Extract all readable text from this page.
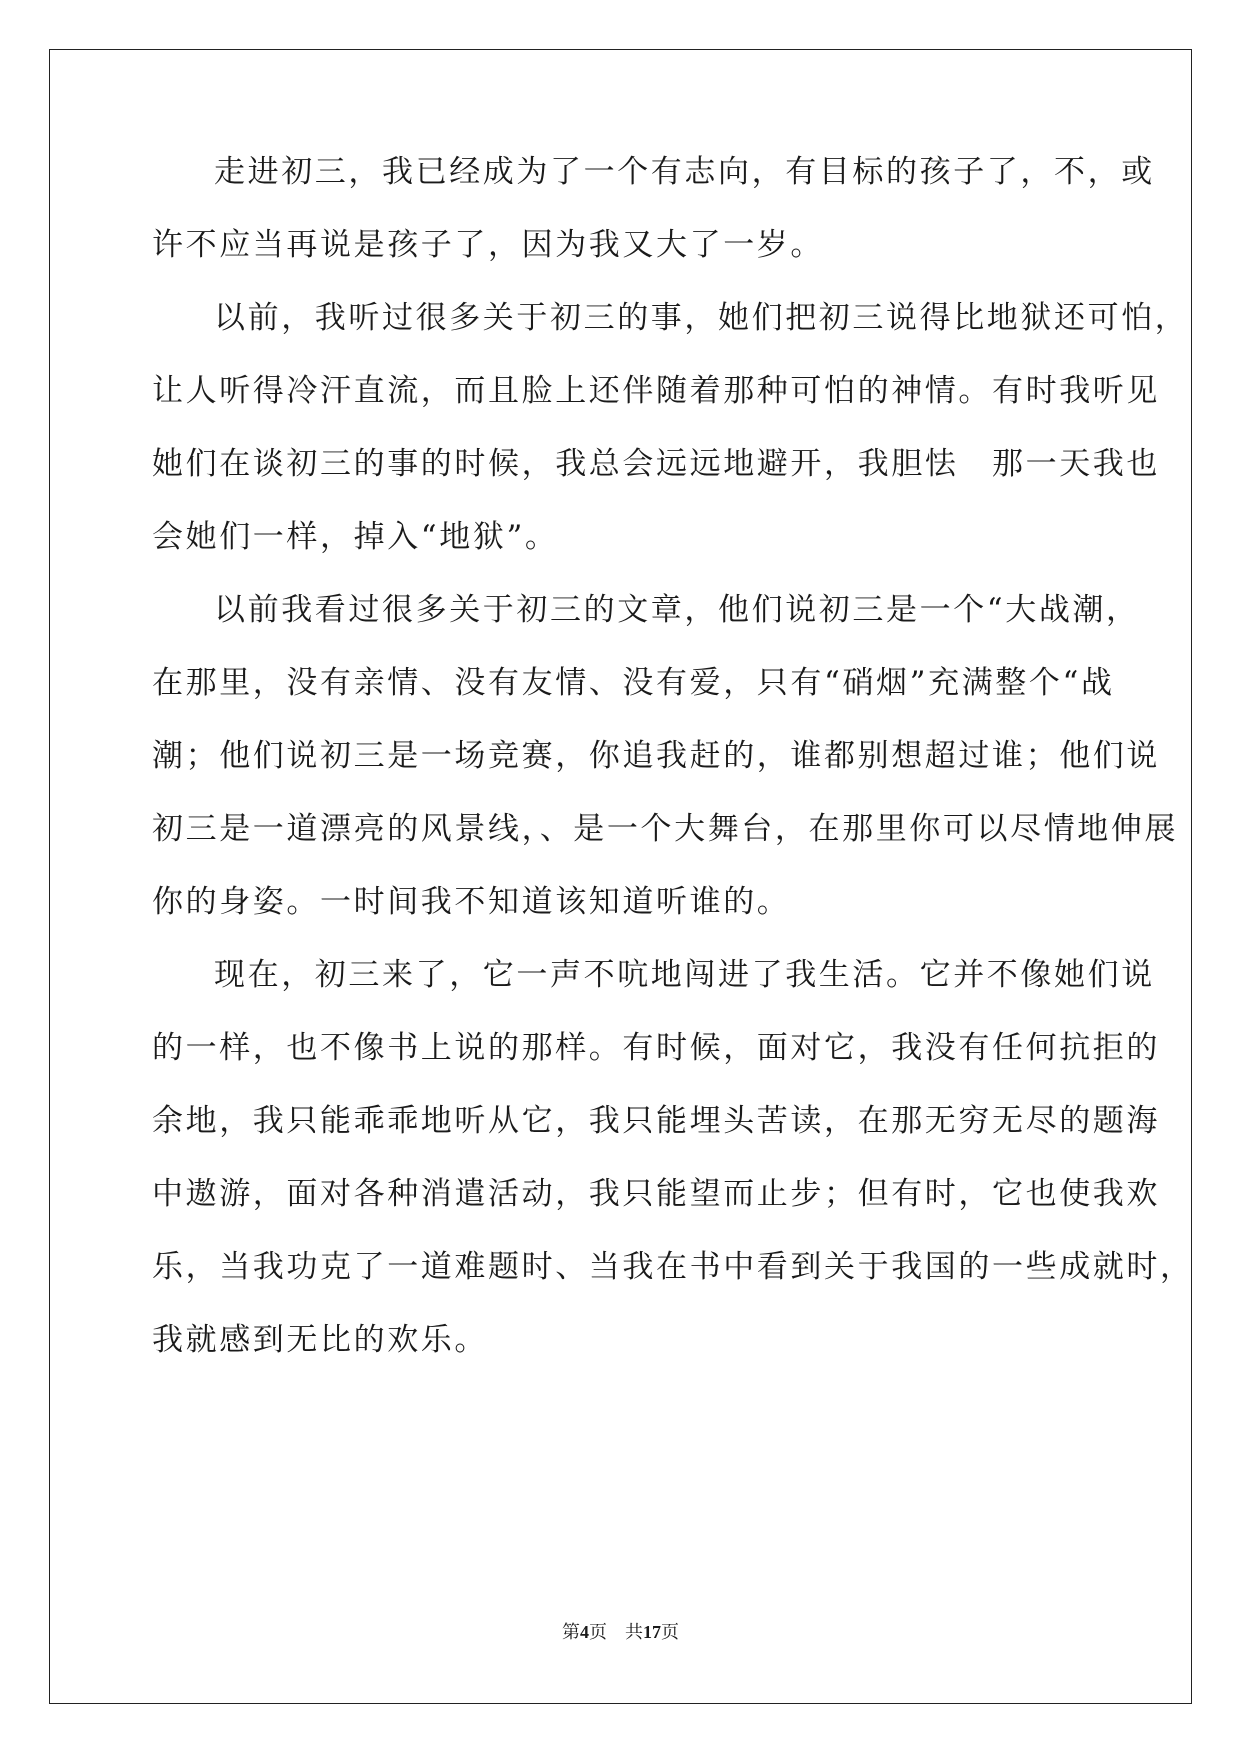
走进初三，我已经成为了一个有志向，有目标的孩子了，不，或
许不应当再说是孩子了，因为我又大了一岁。
以前，我听过很多关于初三的事，她们把初三说得比地狱还可怕，
让人听得冷汗直流，而且脸上还伴随着那种可怕的神情。有时我听见
她们在谈初三的事的时候，我总会远远地避开，我胆怯　那一天我也
会她们一样，掉入“地狱”。
以前我看过很多关于初三的文章，他们说初三是一个“大战潮，
在那里，没有亲情、没有友情、没有爱，只有“硝烟”充满整个“战
潮；他们说初三是一场竞赛，你追我赶的，谁都别想超过谁；他们说
初三是一道漂亮的风景线，、是一个大舞台，在那里你可以尽情地伸展
你的身姿。一时间我不知道该知道听谁的。
现在，初三来了，它一声不吭地闯进了我生活。它并不像她们说
的一样，也不像书上说的那样。有时候，面对它，我没有任何抗拒的
余地，我只能乖乖地听从它，我只能埋头苦读，在那无穷无尽的题海
中遨游，面对各种消遣活动，我只能望而止步；但有时，它也使我欢
乐，当我功克了一道难题时、当我在书中看到关于我国的一些成就时，
我就感到无比的欢乐。
第4页 共17页
